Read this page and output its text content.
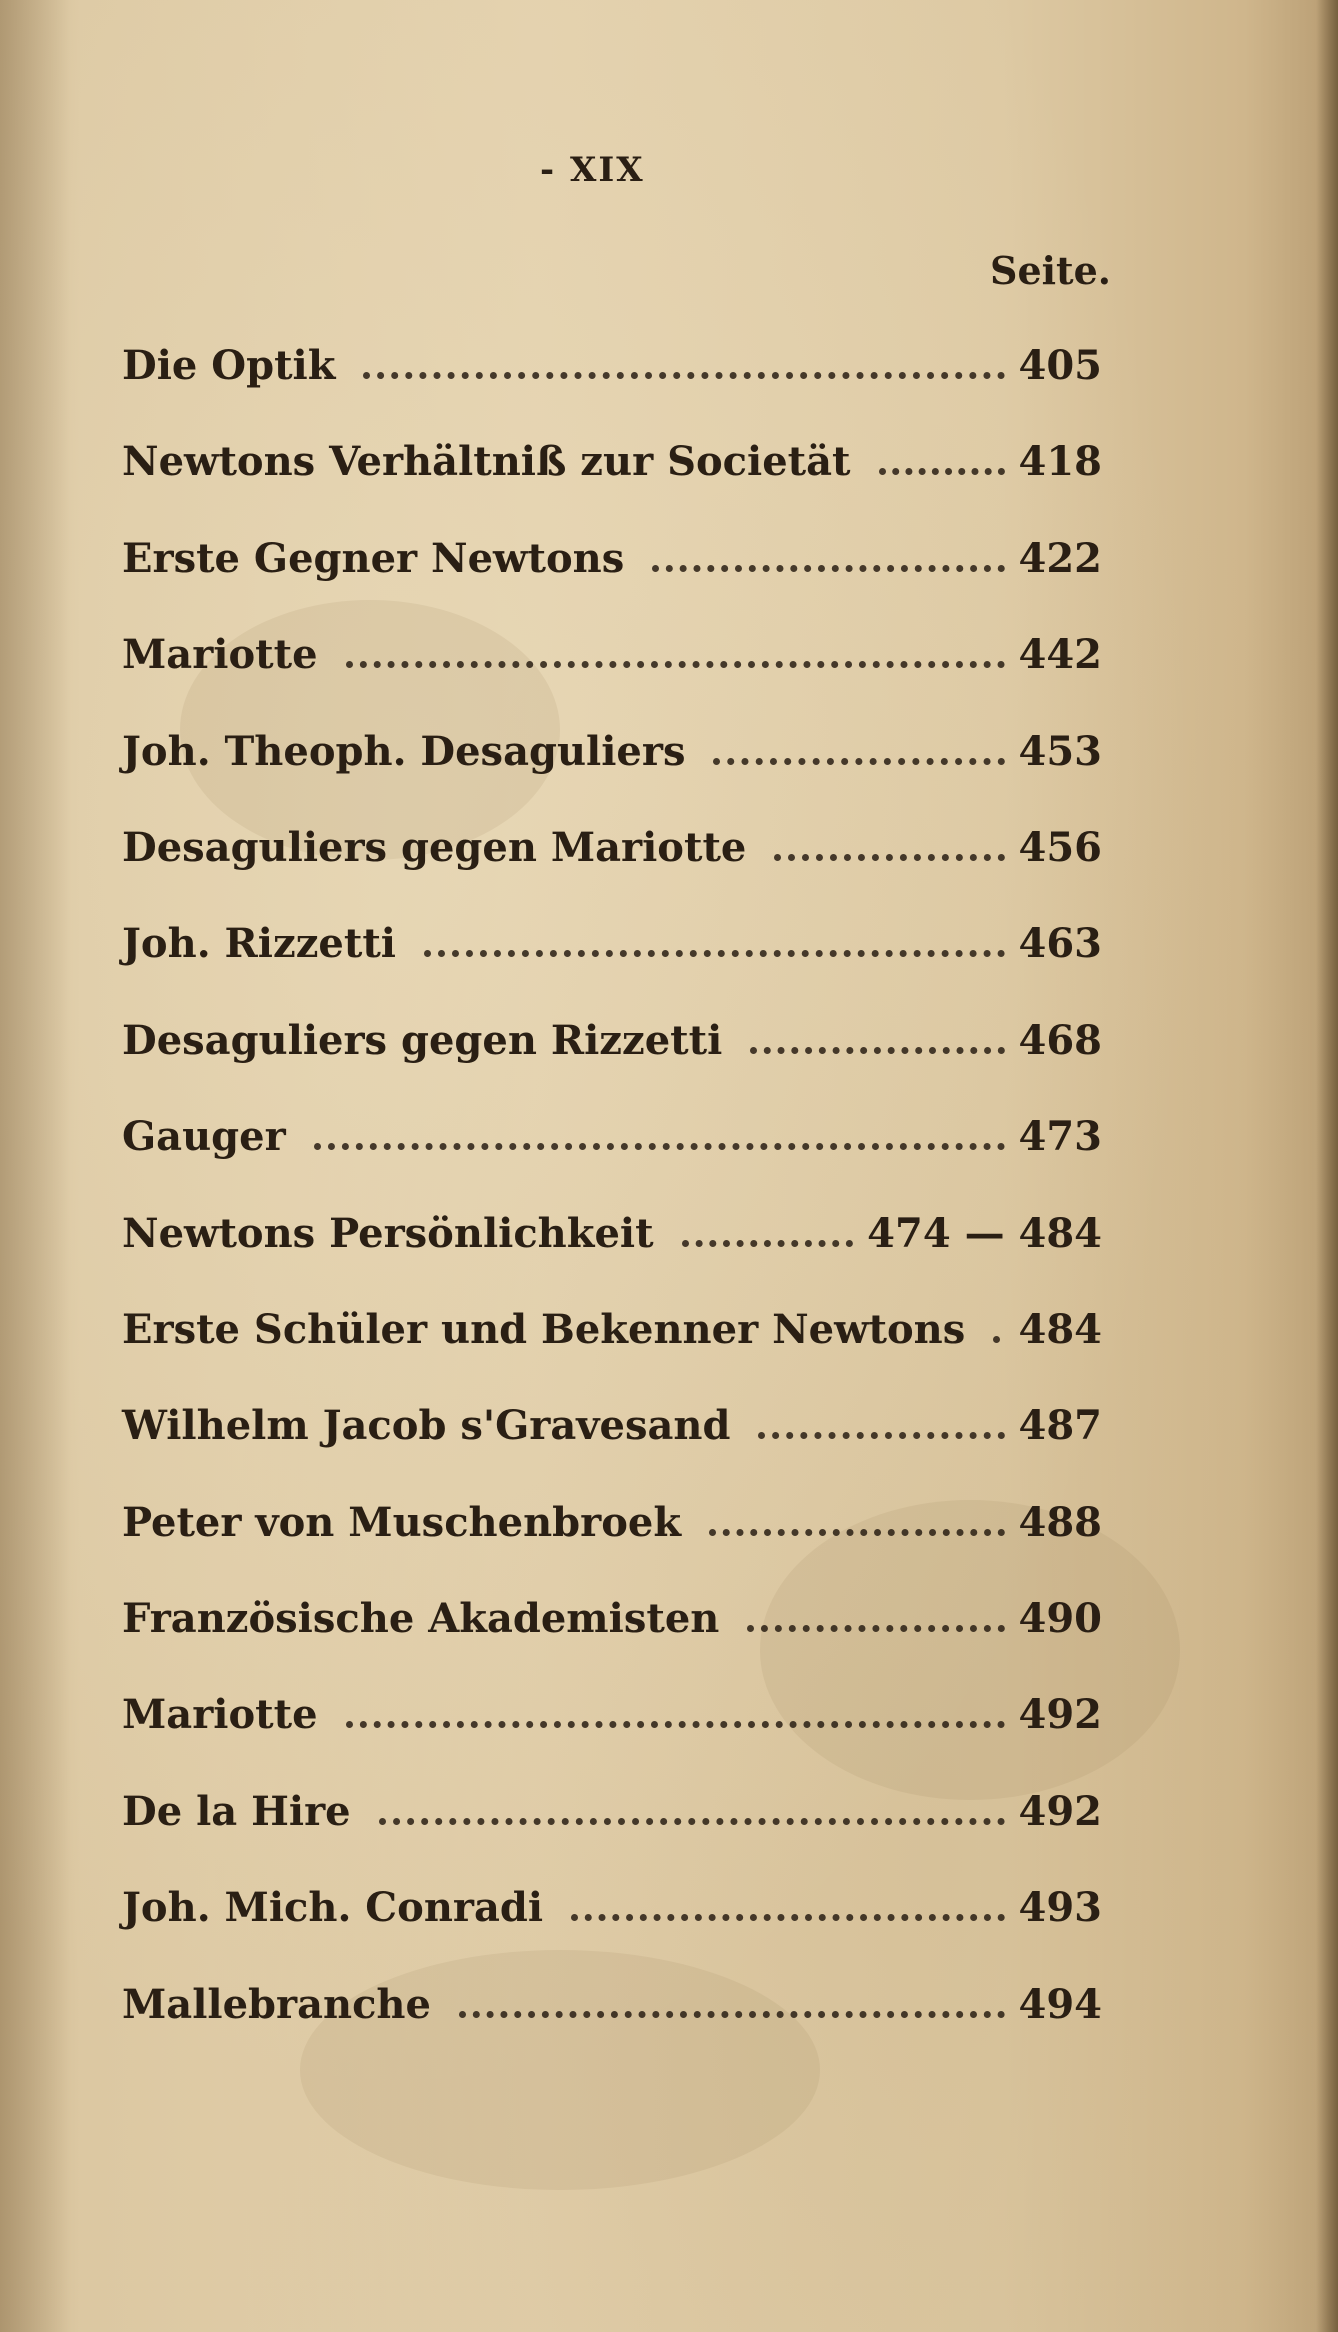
- XIX
Seite.
Die Optik	405
Newtons Verhältniß zur Societät	418
Erste Gegner Newtons	422
Mariotte	442
Joh. Theoph. Desaguliers	453
Desaguliers gegen Mariotte	456
Joh. Rizzetti	463
Desaguliers gegen Rizzetti	468
Gauger	473
Newtons Persönlichkeit	474 — 484
Erste Schüler und Bekenner Newtons 484
Wilhelm Jacob s'Gravesand	487
Peter von Muschenbroek	488
Französische Akademisten	490
Mariotte	492
De la Hire	492
Joh. Mich. Conradi	493
Mallebranche	494
